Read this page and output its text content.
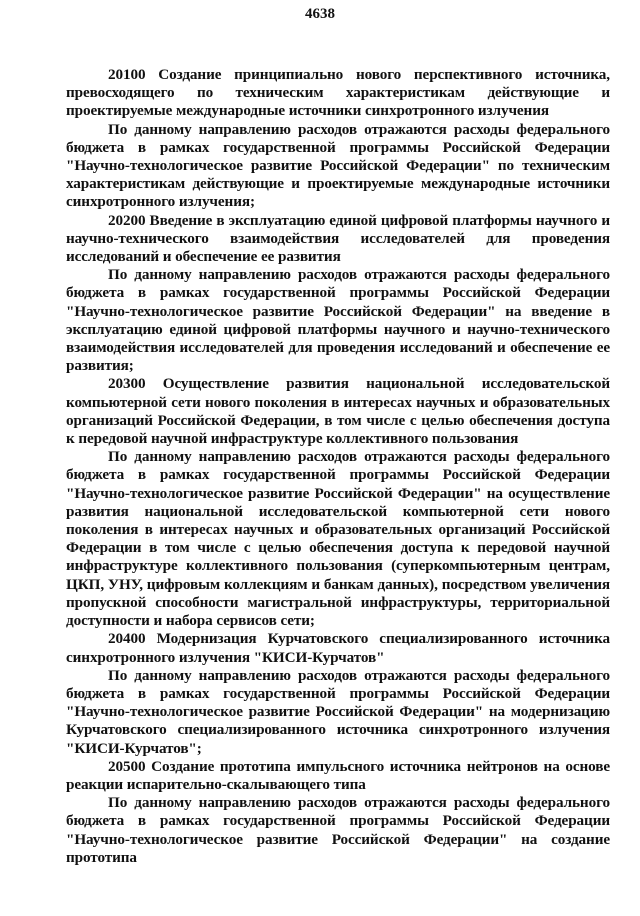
4638

20100 Создание принципиально нового перспективного источника, превосходящего по техническим характеристикам действующие и проектируемые международные источники синхротронного излучения

По данному направлению расходов отражаются расходы федерального бюджета в рамках государственной программы Российской Федерации "Научно-технологическое развитие Российской Федерации" по техническим характеристикам действующие и проектируемые международные источники синхротронного излучения;

20200 Введение в эксплуатацию единой цифровой платформы научного и научно-технического взаимодействия исследователей для проведения исследований и обеспечение ее развития

По данному направлению расходов отражаются расходы федерального бюджета в рамках государственной программы Российской Федерации "Научно-технологическое развитие Российской Федерации" на введение в эксплуатацию единой цифровой платформы научного и научно-технического взаимодействия исследователей для проведения исследований и обеспечение ее развития;

20300 Осуществление развития национальной исследовательской компьютерной сети нового поколения в интересах научных и образовательных организаций Российской Федерации, в том числе с целью обеспечения доступа к передовой научной инфраструктуре коллективного пользования

По данному направлению расходов отражаются расходы федерального бюджета в рамках государственной программы Российской Федерации "Научно-технологическое развитие Российской Федерации" на осуществление развития национальной исследовательской компьютерной сети нового поколения в интересах научных и образовательных организаций Российской Федерации в том числе с целью обеспечения доступа к передовой научной инфраструктуре коллективного пользования (суперкомпьютерным центрам, ЦКП, УНУ, цифровым коллекциям и банкам данных), посредством увеличения пропускной способности магистральной инфраструктуры, территориальной доступности и набора сервисов сети;

20400 Модернизация Курчатовского специализированного источника синхротронного излучения "КИСИ-Курчатов"

По данному направлению расходов отражаются расходы федерального бюджета в рамках государственной программы Российской Федерации "Научно-технологическое развитие Российской Федерации" на модернизацию Курчатовского специализированного источника синхротронного излучения "КИСИ-Курчатов";

20500 Создание прототипа импульсного источника нейтронов на основе реакции испарительно-скалывающего типа

По данному направлению расходов отражаются расходы федерального бюджета в рамках государственной программы Российской Федерации "Научно-технологическое развитие Российской Федерации" на создание прототипа
